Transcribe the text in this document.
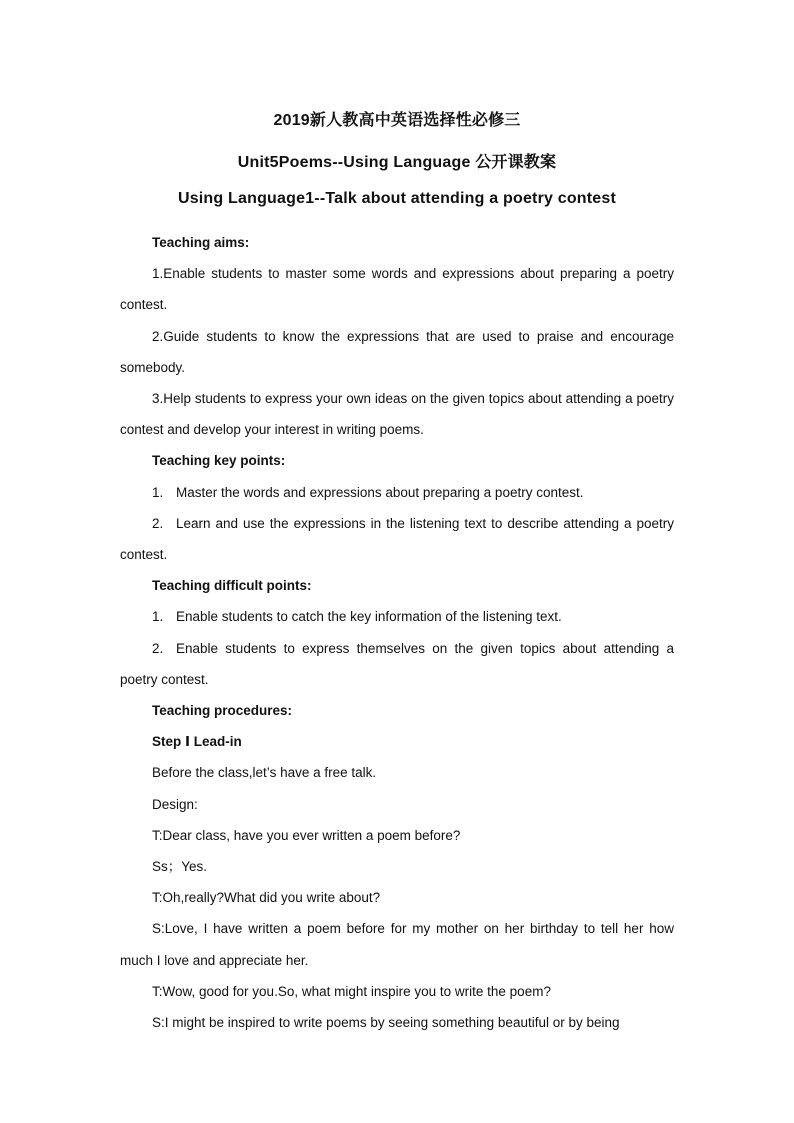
2019新人教高中英语选择性必修三
Unit5Poems--Using Language 公开课教案
Using Language1--Talk about attending a poetry contest

Teaching aims:

1.Enable students to master some words and expressions about preparing a poetry contest.

2.Guide students to know the expressions that are used to praise and encourage somebody.

3.Help students to express your own ideas on the given topics about attending a poetry contest and develop your interest in writing poems.

Teaching key points:

1. Master the words and expressions about preparing a poetry contest.

2. Learn and use the expressions in the listening text to describe attending a poetry contest.

Teaching difficult points:

1. Enable students to catch the key information of the listening text.

2. Enable students to express themselves on the given topics about attending a poetry contest.

Teaching procedures:

Step Ⅰ Lead-in

Before the class,let’s have a free talk.

Design:

T:Dear class, have you ever written a poem before?

Ss；Yes.

T:Oh,really?What did you write about?

S:Love, I have written a poem before for my mother on her birthday to tell her how much I love and appreciate her.

T:Wow, good for you.So, what might inspire you to write the poem?

S:I might be inspired to write poems by seeing something beautiful or by being
